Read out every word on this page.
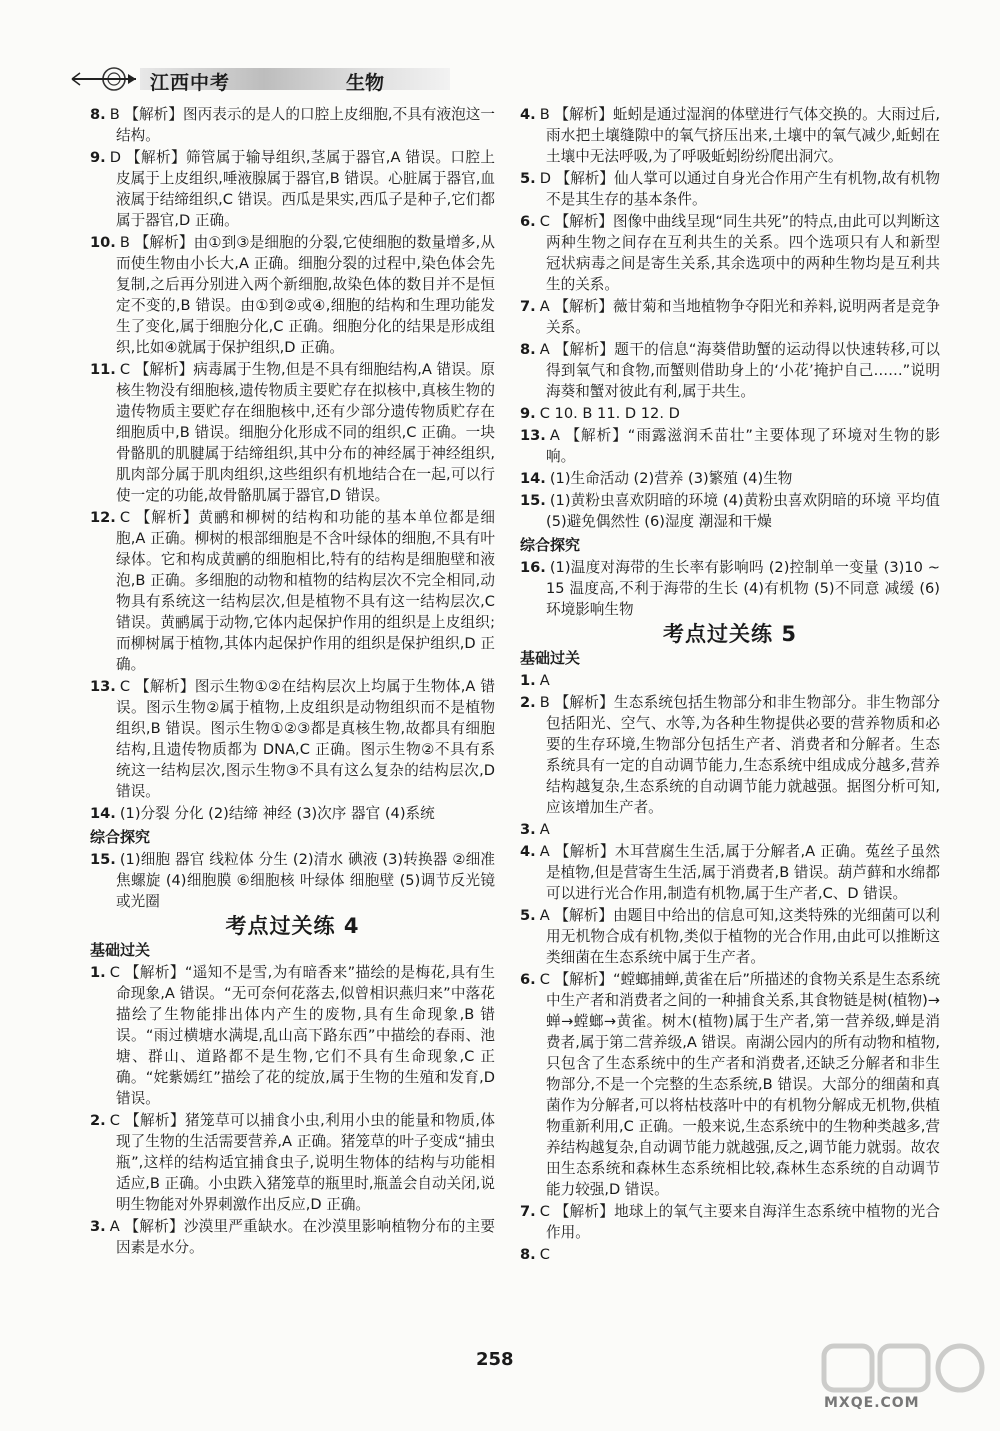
江西中考	生物
8. B 【解析】图丙表示的是人的口腔上皮细胞,不具有液泡这一结构。
9. D 【解析】筛管属于输导组织,茎属于器官,A 错误。口腔上皮属于上皮组织,唾液腺属于器官,B 错误。心脏属于器官,血液属于结缔组织,C 错误。西瓜是果实,西瓜子是种子,它们都属于器官,D 正确。
10. B 【解析】由①到③是细胞的分裂,它使细胞的数量增多,从而使生物由小长大,A 正确。细胞分裂的过程中,染色体会先复制,之后再分别进入两个新细胞,故染色体的数目并不是恒定不变的,B 错误。由①到②或④,细胞的结构和生理功能发生了变化,属于细胞分化,C 正确。细胞分化的结果是形成组织,比如④就属于保护组织,D 正确。
11. C 【解析】病毒属于生物,但是不具有细胞结构,A 错误。原核生物没有细胞核,遗传物质主要贮存在拟核中,真核生物的遗传物质主要贮存在细胞核中,还有少部分遗传物质贮存在细胞质中,B 错误。细胞分化形成不同的组织,C 正确。一块骨骼肌的肌腱属于结缔组织,其中分布的神经属于神经组织,肌肉部分属于肌肉组织,这些组织有机地结合在一起,可以行使一定的功能,故骨骼肌属于器官,D 错误。
12. C 【解析】黄鹂和柳树的结构和功能的基本单位都是细胞,A 正确。柳树的根部细胞是不含叶绿体的细胞,不具有叶绿体。它和构成黄鹂的细胞相比,特有的结构是细胞壁和液泡,B 正确。多细胞的动物和植物的结构层次不完全相同,动物具有系统这一结构层次,但是植物不具有这一结构层次,C 错误。黄鹂属于动物,它体内起保护作用的组织是上皮组织;而柳树属于植物,其体内起保护作用的组织是保护组织,D 正确。
13. C 【解析】图示生物①②在结构层次上均属于生物体,A 错误。图示生物②属于植物,上皮组织是动物组织而不是植物组织,B 错误。图示生物①②③都是真核生物,故都具有细胞结构,且遗传物质都为 DNA,C 正确。图示生物②不具有系统这一结构层次,图示生物③不具有这么复杂的结构层次,D 错误。
14. (1)分裂 分化 (2)结缔 神经 (3)次序 器官 (4)系统
综合探究
15. (1)细胞 器官 线粒体 分生 (2)清水 碘液 (3)转换器 ②细准焦螺旋 (4)细胞膜 ⑥细胞核 叶绿体 细胞壁 (5)调节反光镜或光圈
考点过关练 4
基础过关
1. C 【解析】“遥知不是雪,为有暗香来”描绘的是梅花,具有生命现象,A 错误。“无可奈何花落去,似曾相识燕归来”中落花描绘了生物能排出体内产生的废物,具有生命现象,B 错误。“雨过横塘水满堤,乱山高下路东西”中描绘的春雨、池塘、群山、道路都不是生物,它们不具有生命现象,C 正确。“姹紫嫣红”描绘了花的绽放,属于生物的生殖和发育,D 错误。
2. C 【解析】猪笼草可以捕食小虫,利用小虫的能量和物质,体现了生物的生活需要营养,A 正确。猪笼草的叶子变成“捕虫瓶”,这样的结构适宜捕食虫子,说明生物体的结构与功能相适应,B 正确。小虫跌入猪笼草的瓶里时,瓶盖会自动关闭,说明生物能对外界刺激作出反应,D 正确。
3. A 【解析】沙漠里严重缺水。在沙漠里影响植物分布的主要因素是水分。
4. B 【解析】蚯蚓是通过湿润的体壁进行气体交换的。大雨过后,雨水把土壤缝隙中的氧气挤压出来,土壤中的氧气减少,蚯蚓在土壤中无法呼吸,为了呼吸蚯蚓纷纷爬出洞穴。
5. D 【解析】仙人掌可以通过自身光合作用产生有机物,故有机物不是其生存的基本条件。
6. C 【解析】图像中曲线呈现“同生共死”的特点,由此可以判断这两种生物之间存在互利共生的关系。四个选项只有人和新型冠状病毒之间是寄生关系,其余选项中的两种生物均是互利共生的关系。
7. A 【解析】薇甘菊和当地植物争夺阳光和养料,说明两者是竞争关系。
8. A 【解析】题干的信息“海葵借助蟹的运动得以快速转移,可以得到氧气和食物,而蟹则借助身上的‘小花’掩护自己……”说明海葵和蟹对彼此有利,属于共生。
9. C 10. B 11. D 12. D
13. A 【解析】“雨露滋润禾苗壮”主要体现了环境对生物的影响。
14. (1)生命活动 (2)营养 (3)繁殖 (4)生物
15. (1)黄粉虫喜欢阴暗的环境 (4)黄粉虫喜欢阴暗的环境 平均值 (5)避免偶然性 (6)湿度 潮湿和干燥
综合探究
16. (1)温度对海带的生长率有影响吗 (2)控制单一变量 (3)10 ~ 15 温度高,不利于海带的生长 (4)有机物 (5)不同意 减缓 (6)环境影响生物
考点过关练 5
基础过关
1. A
2. B 【解析】生态系统包括生物部分和非生物部分。非生物部分包括阳光、空气、水等,为各种生物提供必要的营养物质和必要的生存环境,生物部分包括生产者、消费者和分解者。生态系统具有一定的自动调节能力,生态系统中组成成分越多,营养结构越复杂,生态系统的自动调节能力就越强。据图分析可知,应该增加生产者。
3. A
4. A 【解析】木耳营腐生生活,属于分解者,A 正确。菟丝子虽然是植物,但是营寄生生活,属于消费者,B 错误。葫芦藓和水绵都可以进行光合作用,制造有机物,属于生产者,C、D 错误。
5. A 【解析】由题目中给出的信息可知,这类特殊的光细菌可以利用无机物合成有机物,类似于植物的光合作用,由此可以推断这类细菌在生态系统中属于生产者。
6. C 【解析】“螳螂捕蝉,黄雀在后”所描述的食物关系是生态系统中生产者和消费者之间的一种捕食关系,其食物链是树(植物)→蝉→螳螂→黄雀。树木(植物)属于生产者,第一营养级,蝉是消费者,属于第二营养级,A 错误。南湖公园内的所有动物和植物,只包含了生态系统中的生产者和消费者,还缺乏分解者和非生物部分,不是一个完整的生态系统,B 错误。大部分的细菌和真菌作为分解者,可以将枯枝落叶中的有机物分解成无机物,供植物重新利用,C 正确。一般来说,生态系统中的生物种类越多,营养结构越复杂,自动调节能力就越强,反之,调节能力就弱。故农田生态系统和森林生态系统相比较,森林生态系统的自动调节能力较强,D 错误。
7. C 【解析】地球上的氧气主要来自海洋生态系统中植物的光合作用。
8. C
258
MXQE.COM
